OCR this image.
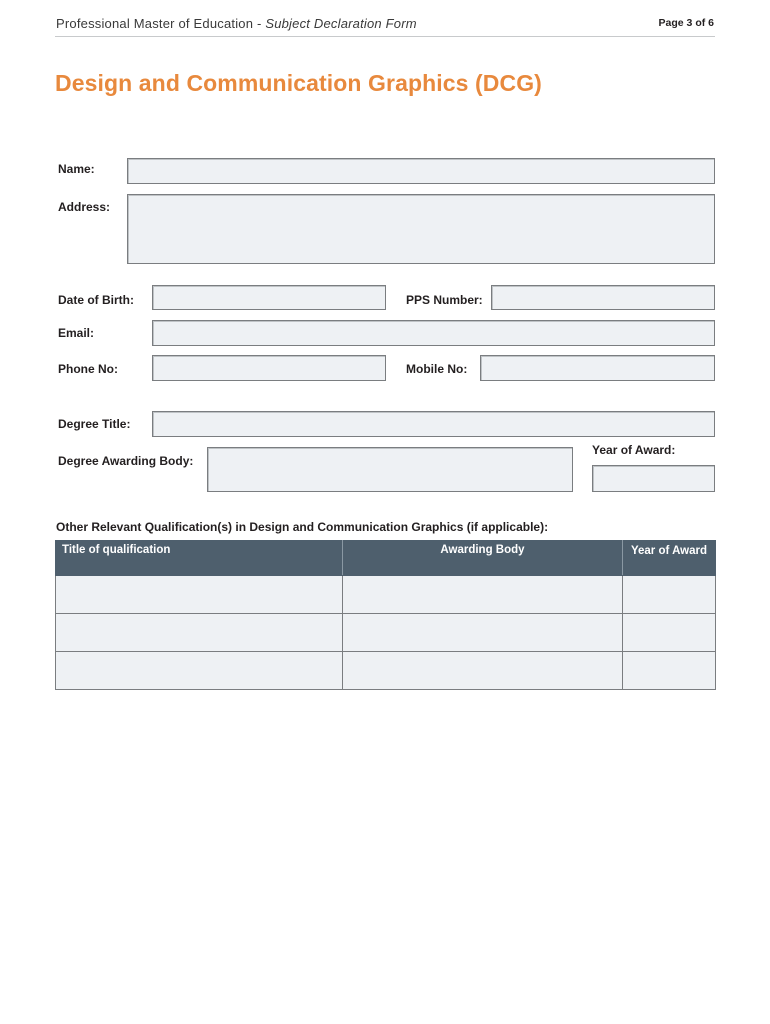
Professional Master of Education - Subject Declaration Form	Page 3 of 6
Design and Communication Graphics (DCG)
Name:
Address:
Date of Birth:	PPS Number:
Email:
Phone No:	Mobile No:
Degree Title:
Year of Award:
Degree Awarding Body:
Other Relevant Qualification(s) in Design and Communication Graphics (if applicable):
Title of qualification	Awarding Body	Year of Award
